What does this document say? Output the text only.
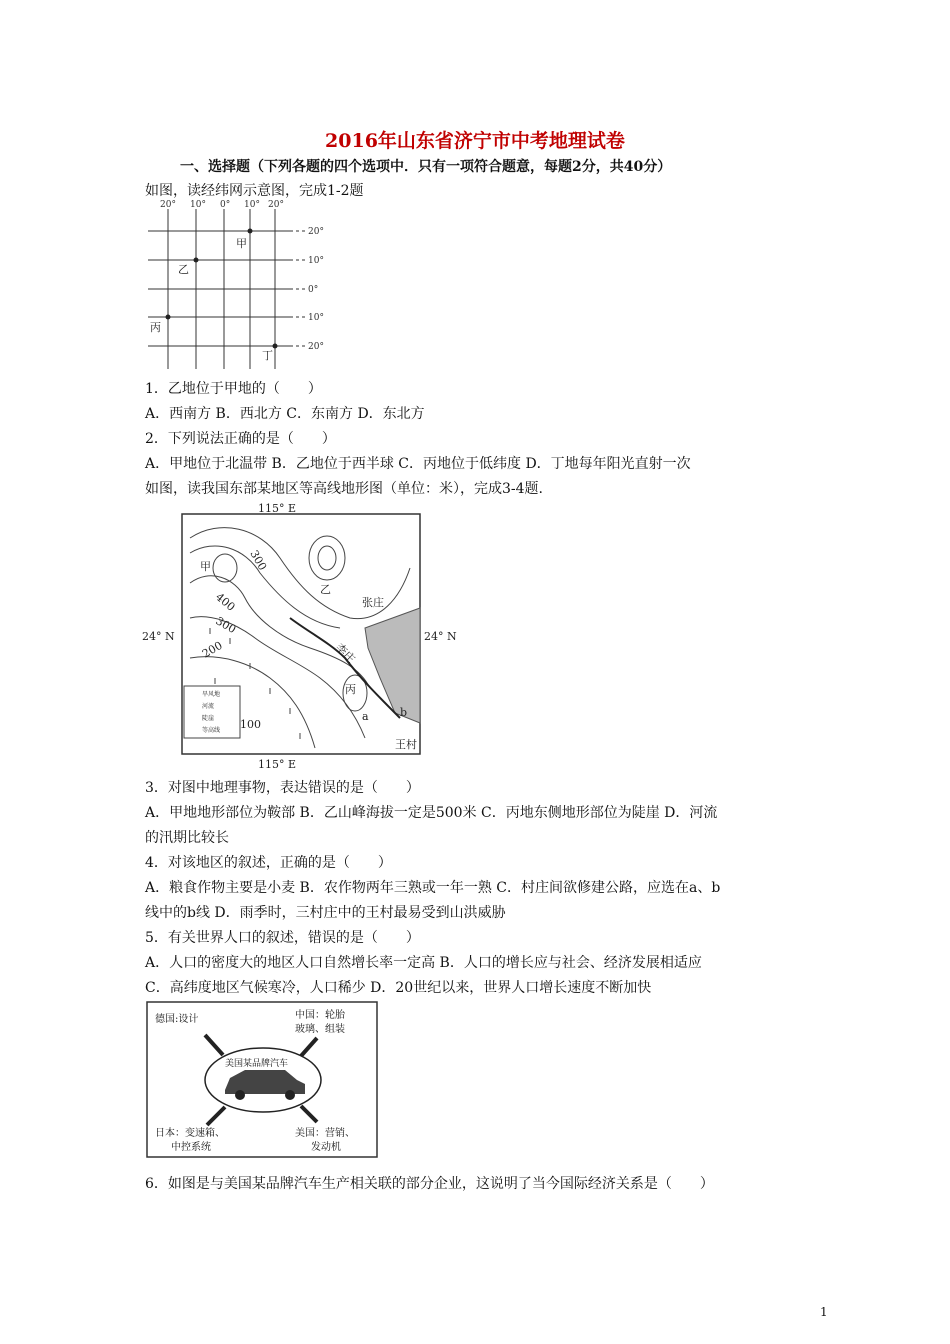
2016年山东省济宁市中考地理试卷
一、选择题（下列各题的四个选项中．只有一项符合题意，每题2分，共40分）
如图，读经纬网示意图，完成1-2题
20° 10° 0° 10° 20°
20°
10°
0°
10°
20°
甲
乙
丙
丁
1．乙地位于甲地的（　　）
A．西南方 B．西北方 C．东南方 D．东北方
2．下列说法正确的是（　　）
A．甲地位于北温带 B．乙地位于西半球 C．丙地位于低纬度 D．丁地每年阳光直射一次
如图，读我国东部某地区等高线地形图（单位：米），完成3-4题.
旱风地
河流
陡崖
等高线
115° E
115° E
24° N	24° N
300
400
300
200
100
甲
乙
丙
张庄
李庄
王村
a	b
3．对图中地理事物，表达错误的是（　　）
A．甲地地形部位为鞍部 B．乙山峰海拔一定是500米 C．丙地东侧地形部位为陡崖 D．河流
的汛期比较长
4．对该地区的叙述，正确的是（　　）
A．粮食作物主要是小麦 B．农作物两年三熟或一年一熟 C．村庄间欲修建公路，应选在a、b
线中的b线 D．雨季时，三村庄中的王村最易受到山洪威胁
5．有关世界人口的叙述，错误的是（　　）
A．人口的密度大的地区人口自然增长率一定高 B．人口的增长应与社会、经济发展相适应
C．高纬度地区气候寒冷，人口稀少 D．20世纪以来，世界人口增长速度不断加快
美国某品牌汽车
德国:设计	中国：轮胎
玻璃、组装
日本：变速箱、
中控系统
美国：营销、
发动机
6．如图是与美国某品牌汽车生产相关联的部分企业，这说明了当今国际经济关系是（　　）
1
